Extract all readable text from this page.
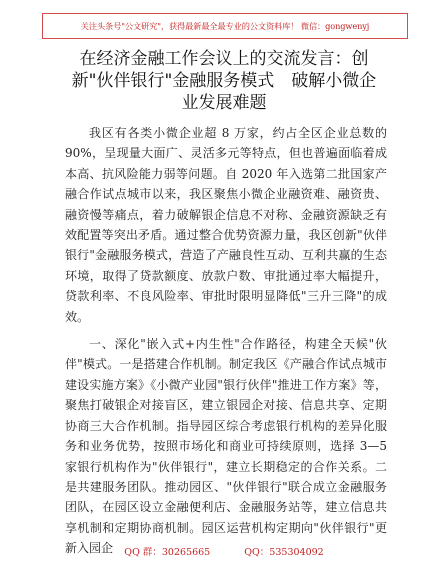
关注头条号"公文研究"，获得最新最全最专业的公文资料库！ 微信：gongwenyj
在经济金融工作会议上的交流发言：创新"伙伴银行"金融服务模式　破解小微企业发展难题

我区有各类小微企业超 8 万家，约占全区企业总数的 90%，呈现量大面广、灵活多元等特点，但也普遍面临着成本高、抗风险能力弱等问题。自 2020 年入选第二批国家产融合作试点城市以来，我区聚焦小微企业融资难、融资贵、融资慢等痛点，着力破解银企信息不对称、金融资源缺乏有效配置等突出矛盾。通过整合优势资源力量，我区创新"伙伴银行"金融服务模式，营造了产融良性互动、互利共赢的生态环境，取得了贷款额度、放款户数、审批通过率大幅提升，贷款利率、不良风险率、审批时限明显降低"三升三降"的成效。

一、深化"嵌入式+内生性"合作路径，构建全天候"伙伴"模式。一是搭建合作机制。制定我区《产融合作试点城市建设实施方案》《小微产业园"银行伙伴"推进工作方案》等，聚焦打破银企对接盲区，建立银园企对接、信息共享、定期协商三大合作机制。指导园区综合考虑银行机构的差异化服务和业务优势，按照市场化和商业可持续原则，选择 3—5 家银行机构作为"伙伴银行"，建立长期稳定的合作关系。二是共建服务团队。推动园区、"伙伴银行"联合成立金融服务团队，在园区设立金融便利店、金融服务站等，建立信息共享机制和定期协商机制。园区运营机构定期向"伙伴银行"更新入园企	QQ 群：30265665	QQ：535304092
